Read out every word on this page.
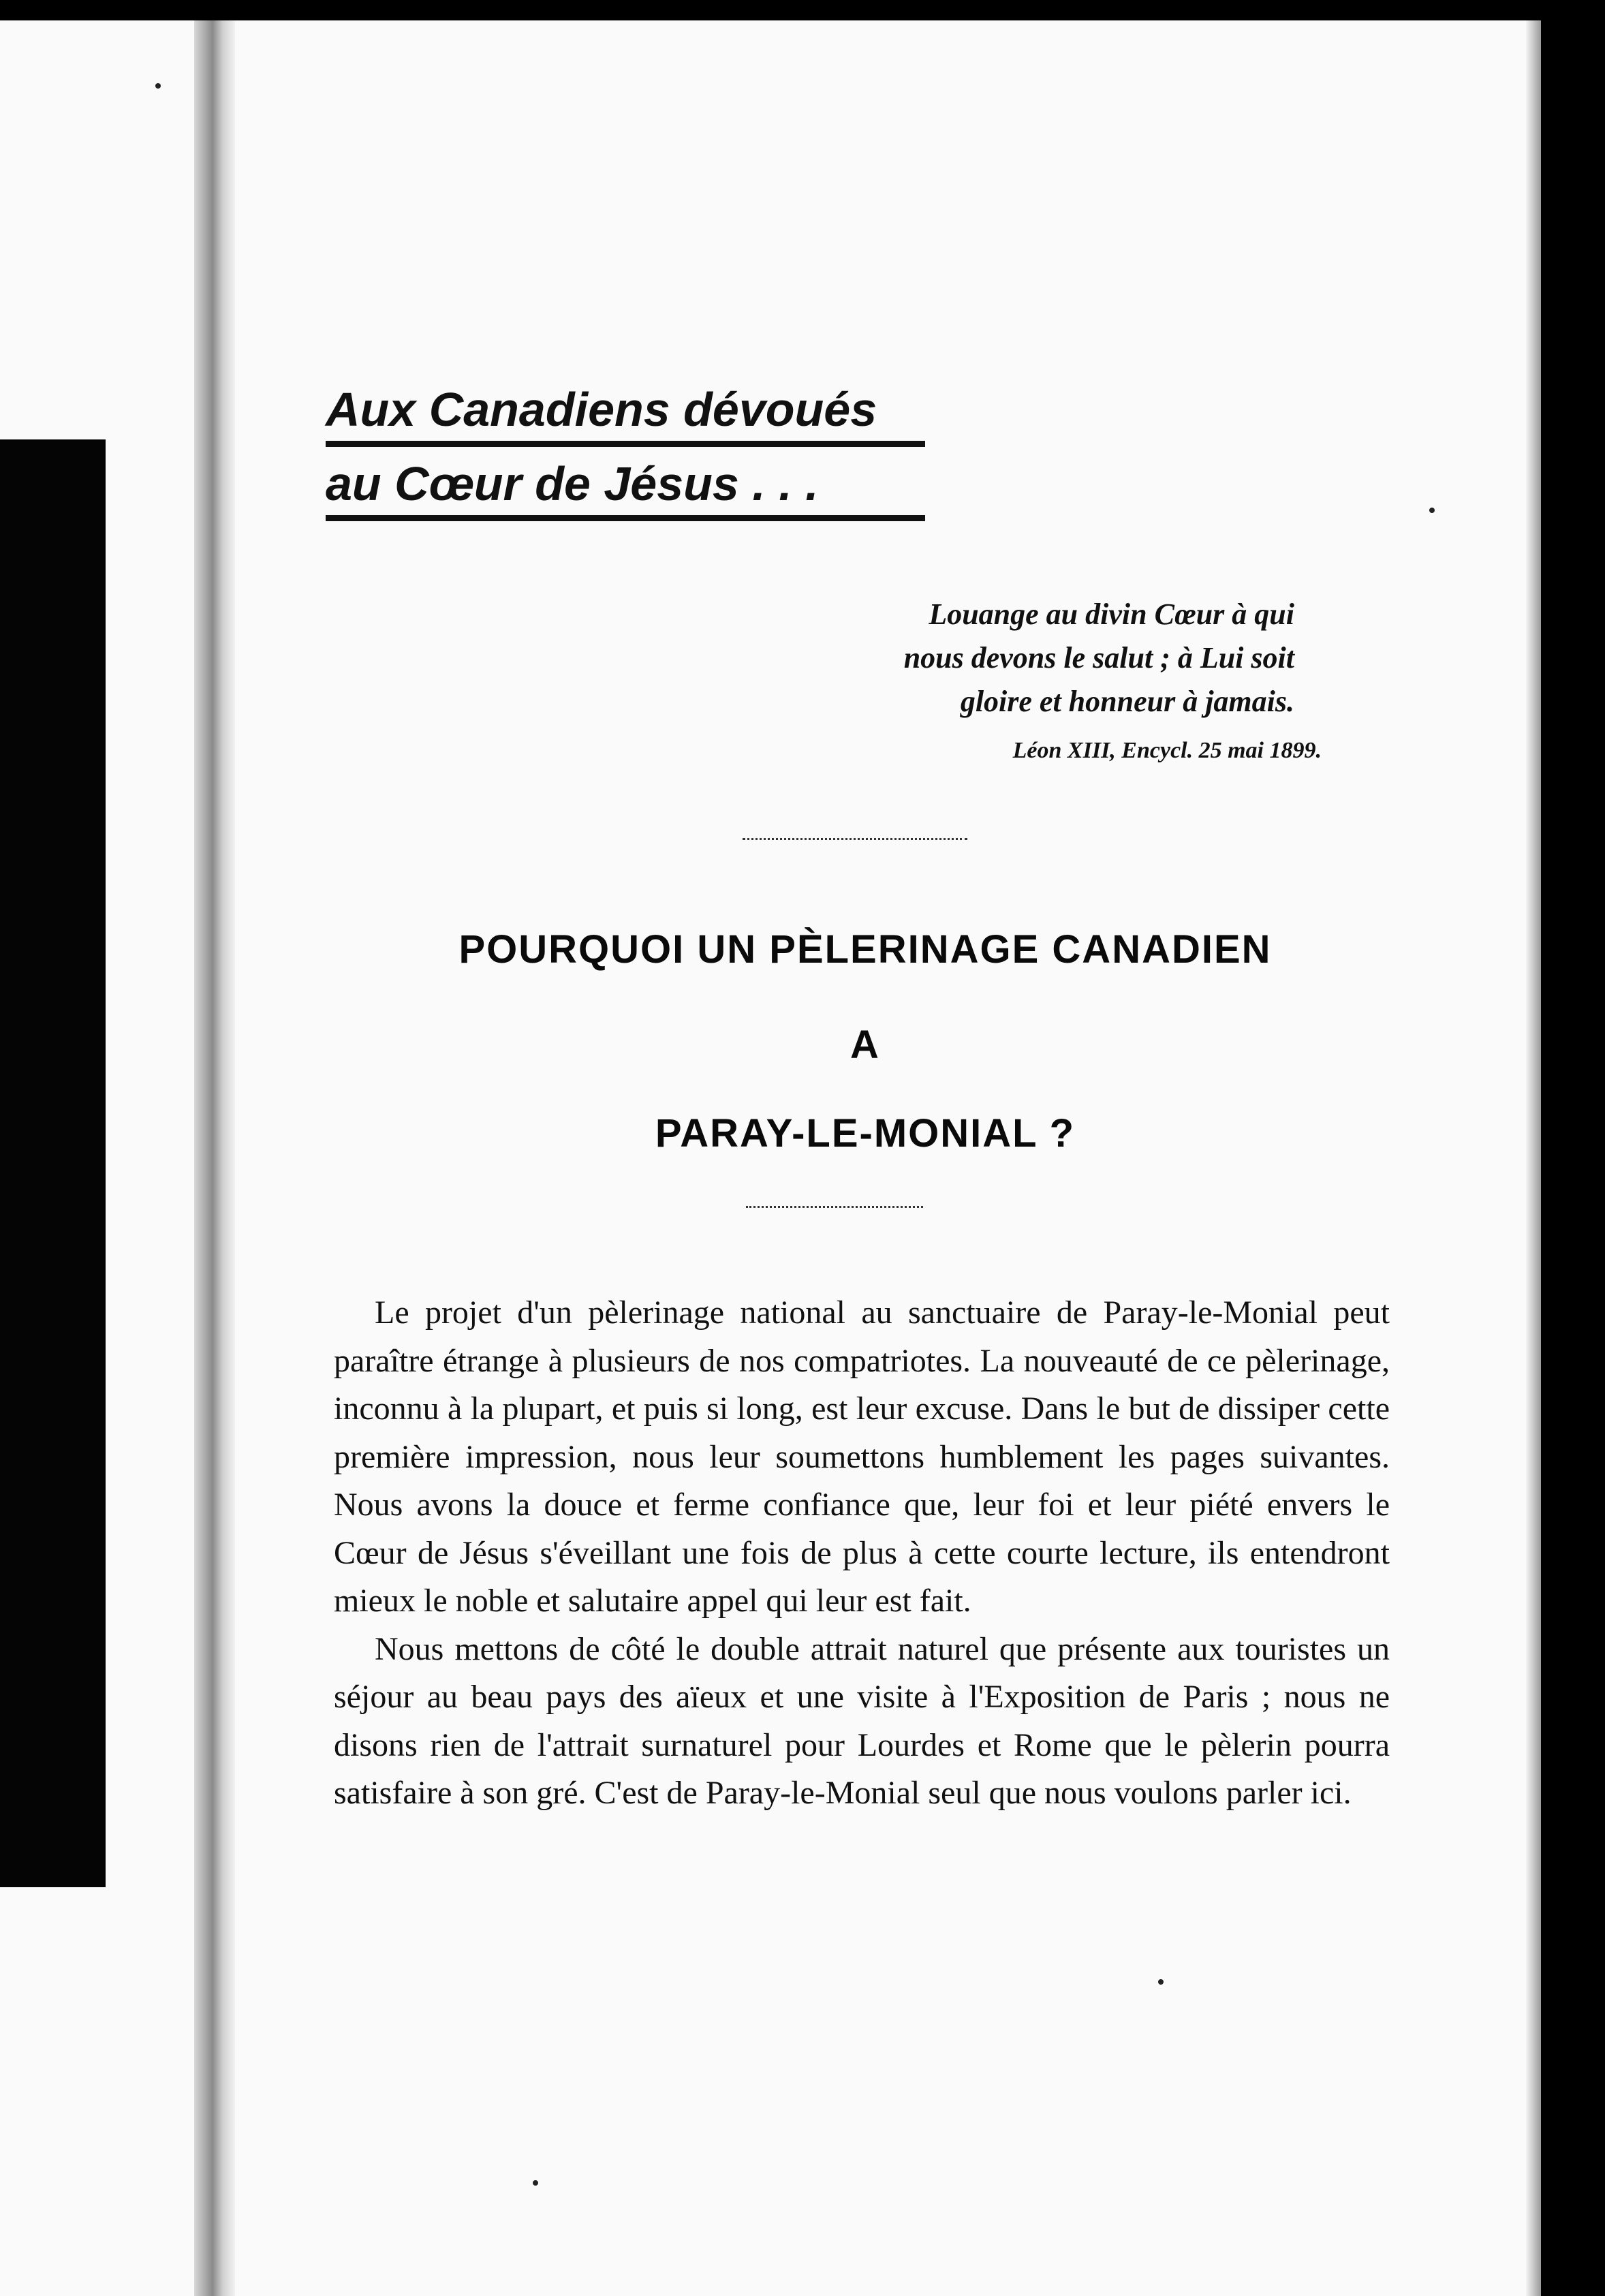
Aux Canadiens dévoués
au Cœur de Jésus . . .
Louange au divin Cœur à qui
nous devons le salut ; à Lui soit
gloire et honneur à jamais.
Léon XIII, Encycl. 25 mai 1899.
POURQUOI UN PÈLERINAGE CANADIEN
A
PARAY-LE-MONIAL ?

Le projet d'un pèlerinage national au sanctuaire de Paray-le-Monial peut paraître étrange à plusieurs de nos compatriotes. La nouveauté de ce pèlerinage, inconnu à la plupart, et puis si long, est leur excuse. Dans le but de dissiper cette première impression, nous leur soumettons humblement les pages suivantes. Nous avons la douce et ferme confiance que, leur foi et leur piété envers le Cœur de Jésus s'éveillant une fois de plus à cette courte lecture, ils entendront mieux le noble et salutaire appel qui leur est fait.

Nous mettons de côté le double attrait naturel que présente aux touristes un séjour au beau pays des aïeux et une visite à l'Exposition de Paris ; nous ne disons rien de l'attrait surnaturel pour Lourdes et Rome que le pèlerin pourra satisfaire à son gré. C'est de Paray-le-Monial seul que nous voulons parler ici.
